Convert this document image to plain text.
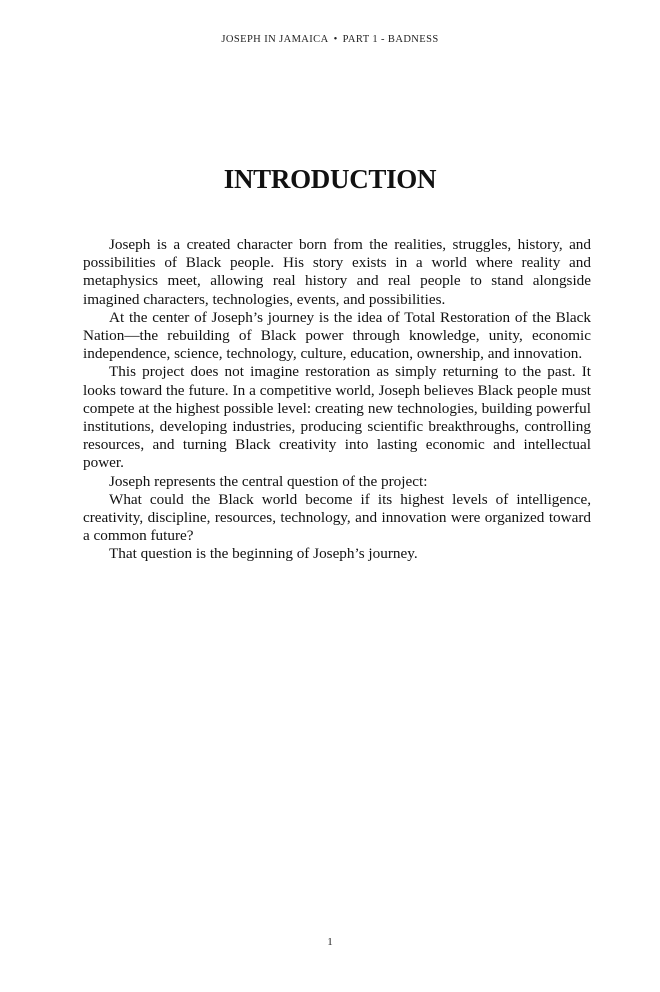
JOSEPH IN JAMAICA • PART 1 - BADNESS
INTRODUCTION

Joseph is a created character born from the realities, struggles, history, and possibilities of Black people. His story exists in a world where reality and metaphysics meet, allowing real history and real people to stand alongside imagined characters, technologies, events, and possibilities.

At the center of Joseph’s journey is the idea of Total Restoration of the Black Nation—the rebuilding of Black power through knowledge, unity, economic independence, science, technology, culture, education, ownership, and innovation.

This project does not imagine restoration as simply returning to the past. It looks toward the future. In a competitive world, Joseph believes Black people must compete at the highest possible level: creating new technologies, building powerful institutions, developing industries, producing scientific breakthroughs, controlling resources, and turning Black creativity into lasting economic and intellectual power.

Joseph represents the central question of the project:

What could the Black world become if its highest levels of intelligence, creativity, discipline, resources, technology, and innovation were organized toward a common future?

That question is the beginning of Joseph’s journey.

1
